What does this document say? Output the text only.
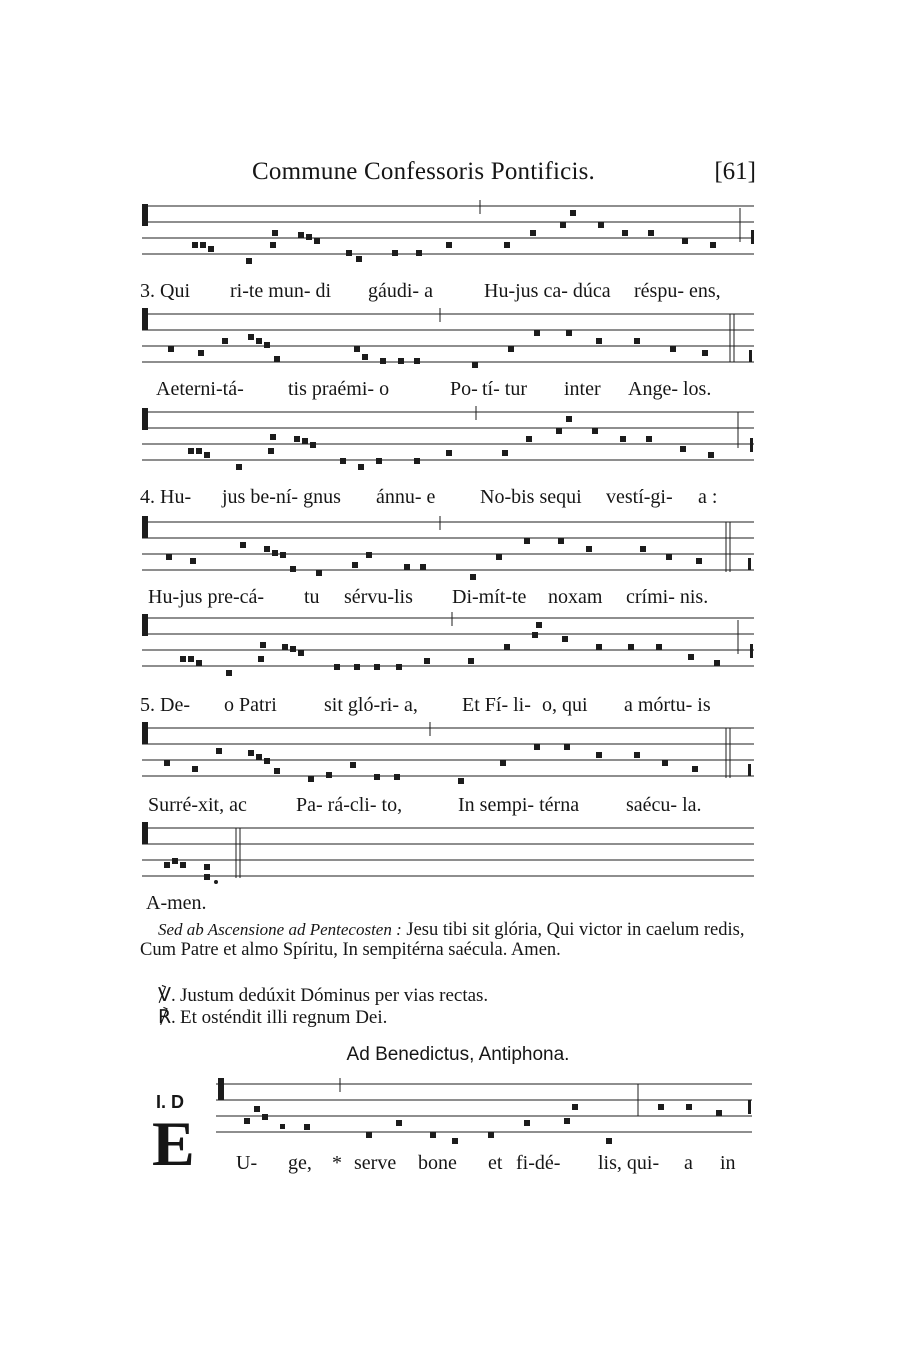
Commune Confessoris Pontificis.	[61]
3. Qui ri-te mun- di gáudi- a	Hu-jus ca- dúca réspu- ens,
Aeterni-tá- tis praémi- o	Po- tí- tur inter Ange- los.
4. Hu- jus be-ní- gnus ánnu- e No-bis sequi vestí-gi- a :
Hu-jus pre-cá- tu sérvu-lis Di-mít-te noxam crími- nis.
5. De- o Patri sit gló-ri- a, Et Fí- li- o, qui a mórtu- is
Surré-xit, ac Pa- rá-cli- to,	In sempi- térna saécu- la.
A-men.
Sed ab Ascensione ad Pentecosten : Jesu tibi sit glória, Qui victor in caelum redis, Cum Patre et almo Spíritu, In sempitérna saécula. Amen.
℣. Justum dedúxit Dóminus per vias rectas.
℟. Et osténdit illi regnum Dei.
Ad Benedictus, Antiphona.
I. D
E U- ge, * serve bone et fi-dé- lis, qui- a in
